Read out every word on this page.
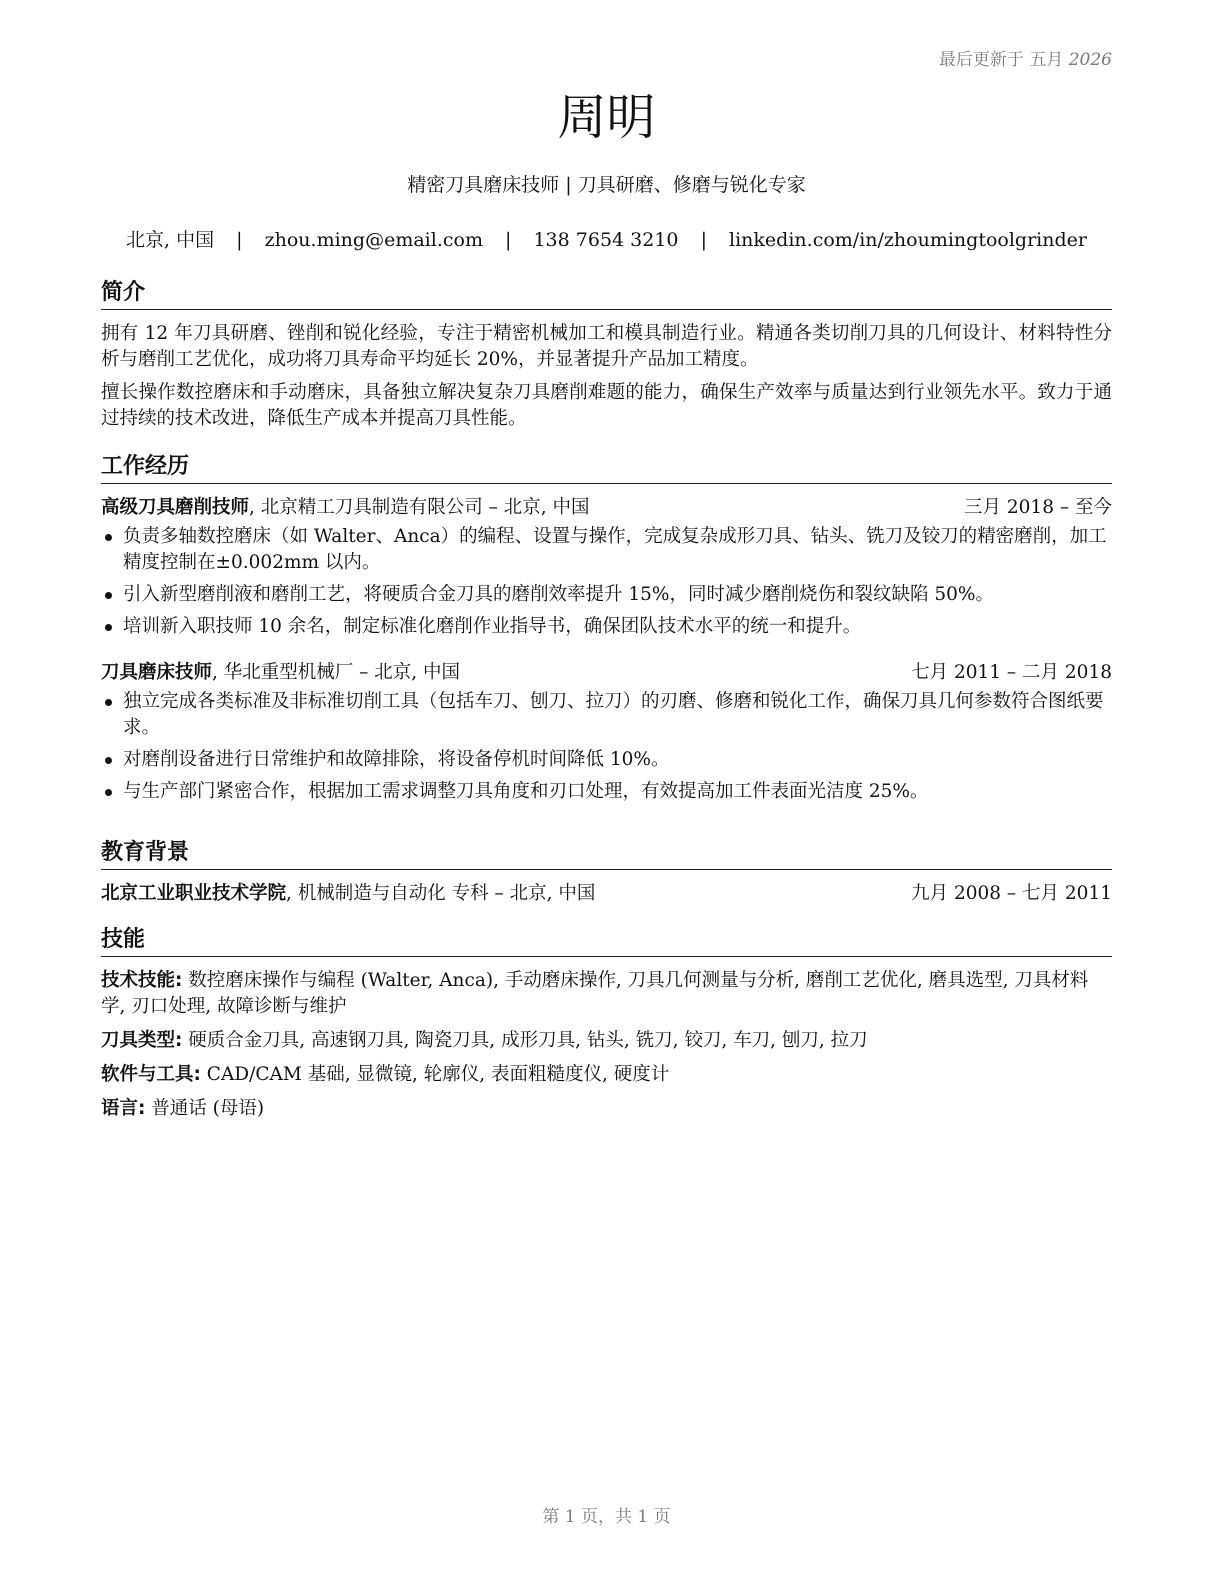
最后更新于 五月 2026
周明
精密刀具磨床技师 | 刀具研磨、修磨与锐化专家
北京, 中国 | zhou.ming@email.com | 138 7654 3210 | linkedin.com/in/zhoumingtoolgrinder
简介

拥有 12 年刀具研磨、锉削和锐化经验，专注于精密机械加工和模具制造行业。精通各类切削刀具的几何设计、材料特性分析与磨削工艺优化，成功将刀具寿命平均延长 20%，并显著提升产品加工精度。

擅长操作数控磨床和手动磨床，具备独立解决复杂刀具磨削难题的能力，确保生产效率与质量达到行业领先水平。致力于通过持续的技术改进，降低生产成本并提高刀具性能。

工作经历
高级刀具磨削技师, 北京精工刀具制造有限公司 – 北京, 中国	三月 2018 – 至今
负责多轴数控磨床（如 Walter、Anca）的编程、设置与操作，完成复杂成形刀具、钻头、铣刀及铰刀的精密磨削，加工精度控制在±0.002mm 以内。
引入新型磨削液和磨削工艺，将硬质合金刀具的磨削效率提升 15%，同时减少磨削烧伤和裂纹缺陷 50%。
培训新入职技师 10 余名，制定标准化磨削作业指导书，确保团队技术水平的统一和提升。
刀具磨床技师, 华北重型机械厂 – 北京, 中国	七月 2011 – 二月 2018
独立完成各类标准及非标准切削工具（包括车刀、刨刀、拉刀）的刃磨、修磨和锐化工作，确保刀具几何参数符合图纸要求。
对磨削设备进行日常维护和故障排除，将设备停机时间降低 10%。
与生产部门紧密合作，根据加工需求调整刀具角度和刃口处理，有效提高加工件表面光洁度 25%。
教育背景
北京工业职业技术学院, 机械制造与自动化 专科 – 北京, 中国	九月 2008 – 七月 2011
技能

技术技能: 数控磨床操作与编程 (Walter, Anca), 手动磨床操作, 刀具几何测量与分析, 磨削工艺优化, 磨具选型, 刀具材料学, 刃口处理, 故障诊断与维护

刀具类型: 硬质合金刀具, 高速钢刀具, 陶瓷刀具, 成形刀具, 钻头, 铣刀, 铰刀, 车刀, 刨刀, 拉刀

软件与工具: CAD/CAM 基础, 显微镜, 轮廓仪, 表面粗糙度仪, 硬度计

语言: 普通话 (母语)

第 1 页，共 1 页
